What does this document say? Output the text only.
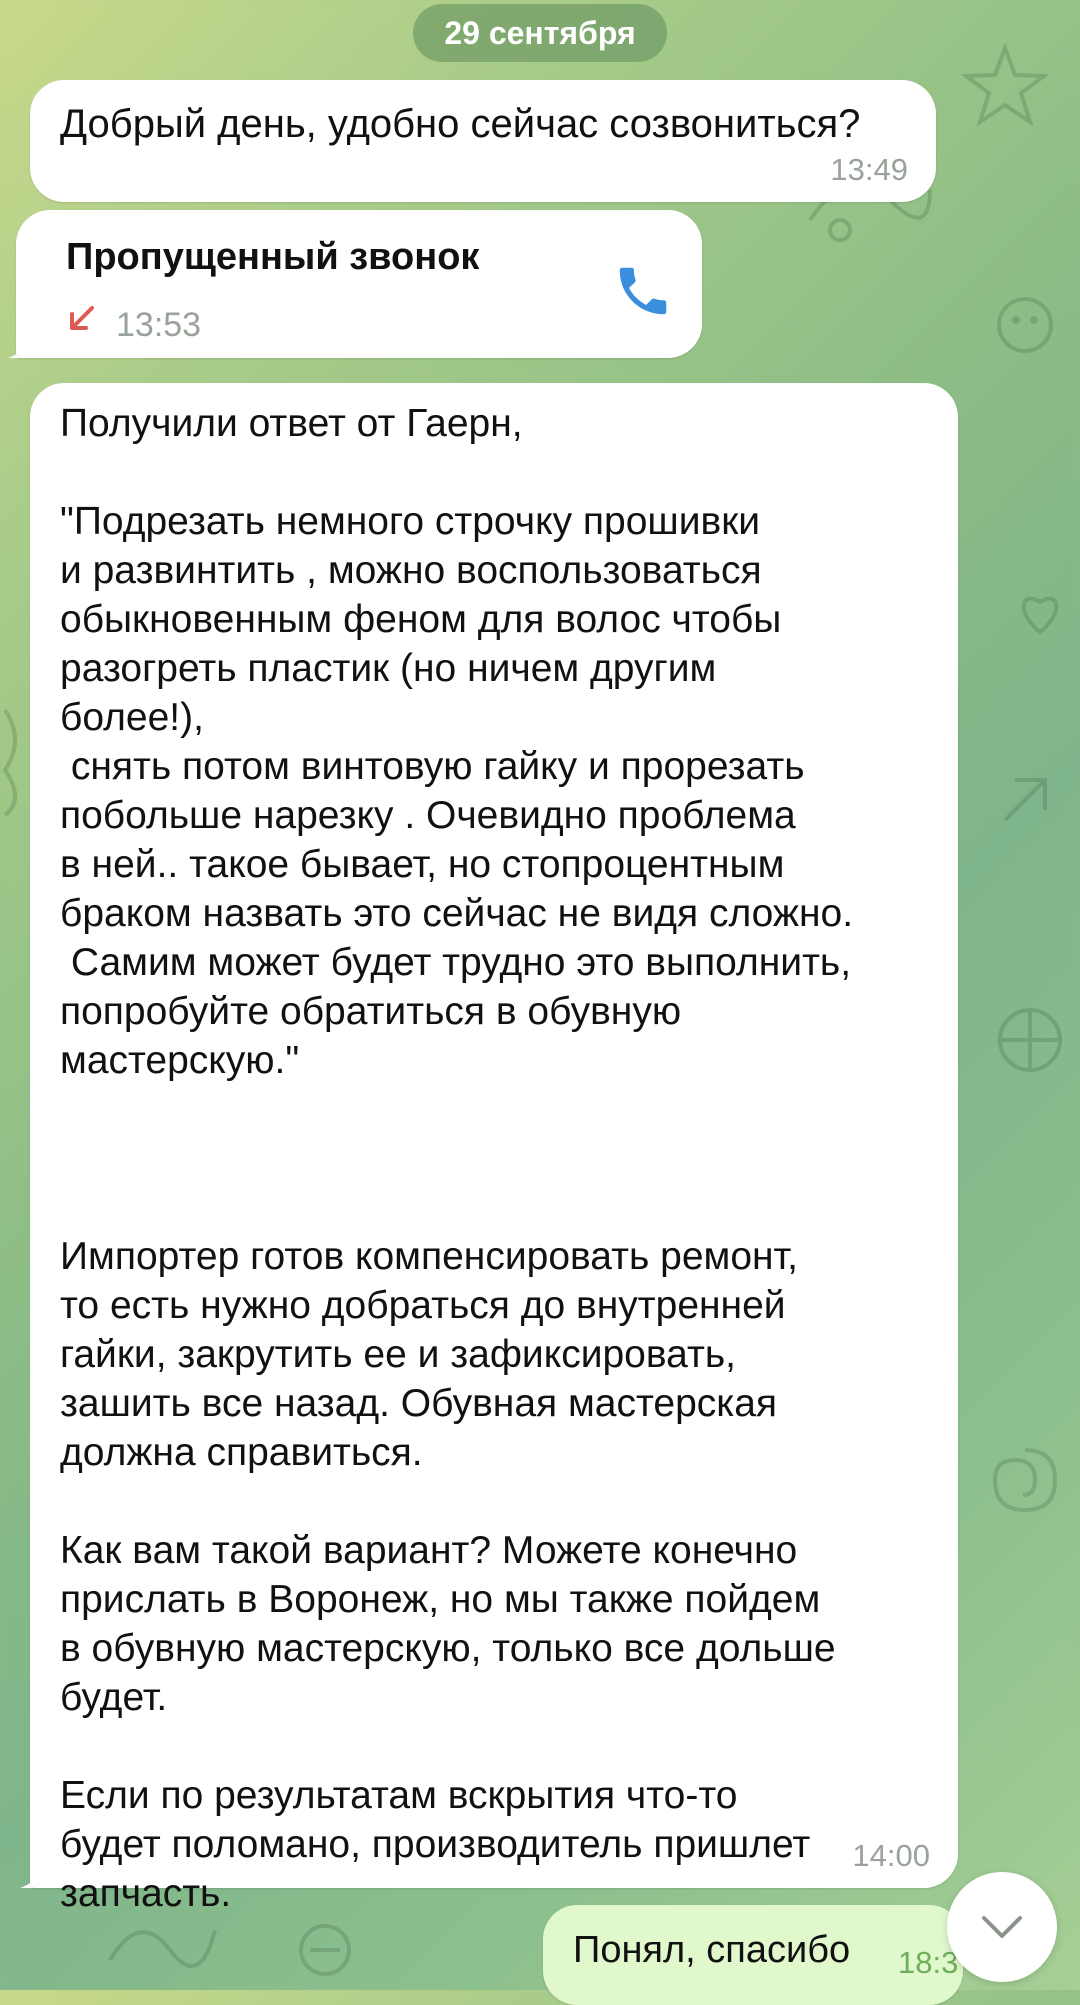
29 сентября
Добрый день, удобно сейчас созвониться?
13:49
Пропущенный звонок
13:53
Получили ответ от Гаерн,

"Подрезать немного строчку прошивки
и развинтить , можно воспользоваться
обыкновенным феном для волос чтобы
разогреть пластик (но ничем другим
более!),
снять потом винтовую гайку и прорезать
побольше нарезку . Очевидно проблема
в ней.. такое бывает, но стопроцентным
браком назвать это сейчас не видя сложно.
Самим может будет трудно это выполнить,
попробуйте обратиться в обувную
мастерскую."

Импортер готов компенсировать ремонт,
то есть нужно добраться до внутренней
гайки, закрутить ее и зафиксировать,
зашить все назад. Обувная мастерская
должна справиться.

Как вам такой вариант? Можете конечно
прислать в Воронеж, но мы также пойдем
в обувную мастерскую, только все дольше
будет.

Если по результатам вскрытия что-то
будет поломано, производитель пришлет
запчасть.
14:00
Понял, спасибо 18:3
